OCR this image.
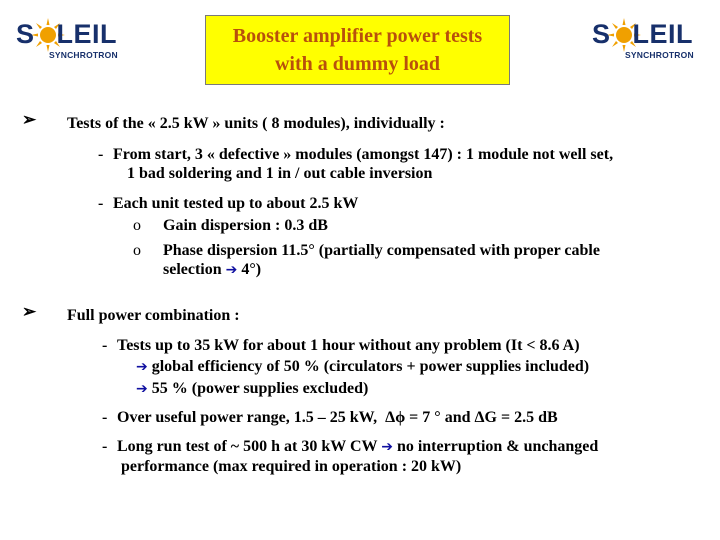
S LEIL
SYNCHROTRON
S LEIL
SYNCHROTRON
Booster amplifier power tests
with a dummy load
➢ Tests of the « 2.5 kW » units ( 8 modules), individually :
- From start, 3 « defective » modules (amongst 147) : 1 module not well set,
1 bad soldering and 1 in / out cable inversion
- Each unit tested up to about 2.5 kW
o Gain dispersion : 0.3 dB
o Phase dispersion 11.5° (partially compensated with proper cable
selection ➔ 4°)
➢ Full power combination :
- Tests up to 35 kW for about 1 hour without any problem (It < 8.6 A)
➔ global efficiency of 50 % (circulators + power supplies included)
➔ 55 % (power supplies excluded)
- Over useful power range, 1.5 – 25 kW, Δϕ = 7 ° and ΔG = 2.5 dB
- Long run test of ~ 500 h at 30 kW CW ➔ no interruption & unchanged
performance (max required in operation : 20 kW)
